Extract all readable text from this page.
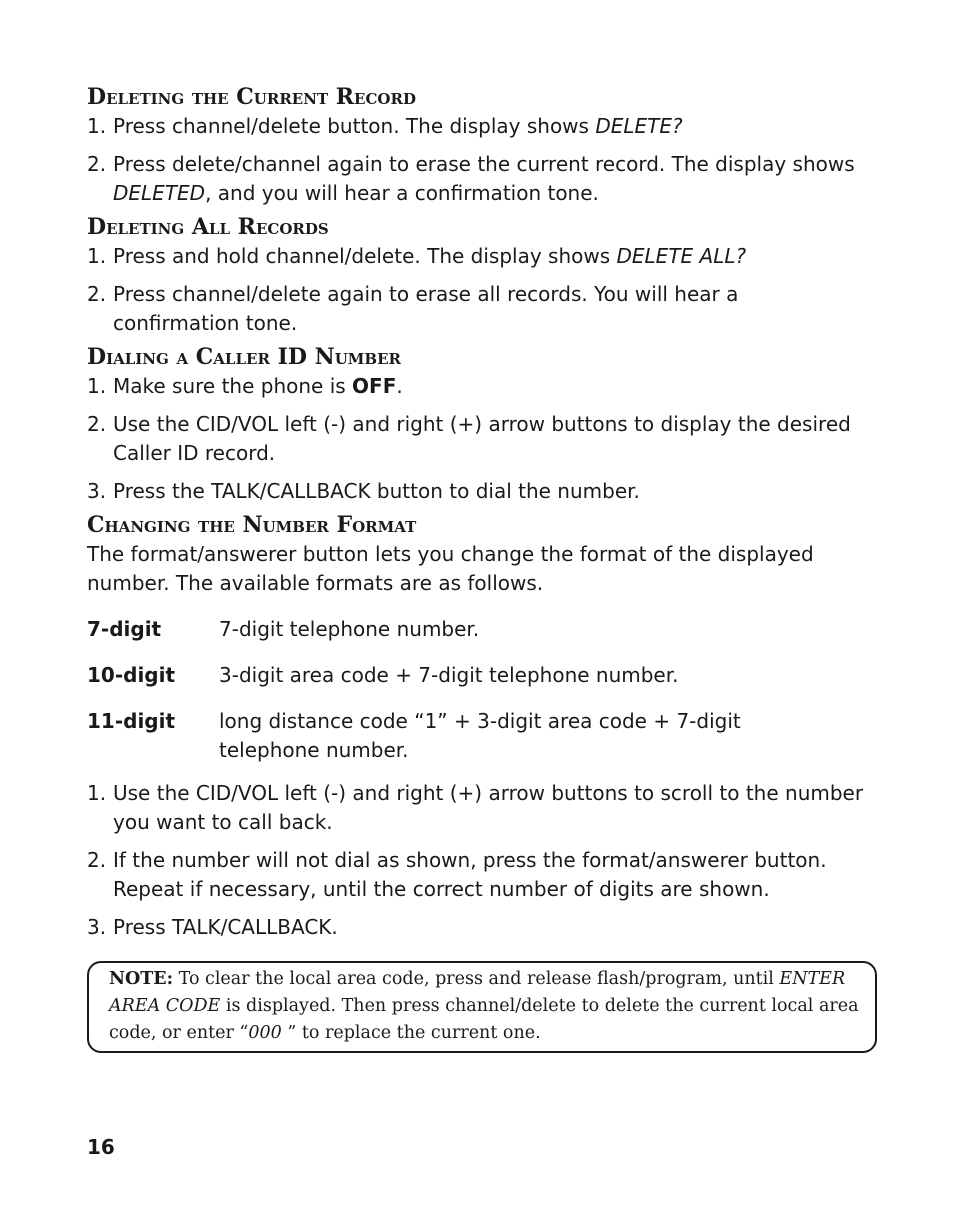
Deleting the Current Record
1. Press channel/delete button. The display shows DELETE?
2. Press delete/channel again to erase the current record. The display shows DELETED, and you will hear a confirmation tone.
Deleting All Records
1. Press and hold channel/delete. The display shows DELETE ALL?
2. Press channel/delete again to erase all records. You will hear a confirmation tone.
Dialing a Caller ID Number
1. Make sure the phone is OFF.
2. Use the CID/VOL left (-) and right (+) arrow buttons to display the desired Caller ID record.
3. Press the TALK/CALLBACK button to dial the number.
Changing the Number Format

The format/answerer button lets you change the format of the displayed number. The available formats are as follows.

7-digit	7-digit telephone number.
10-digit	3-digit area code + 7-digit telephone number.
11-digit	long distance code “1” + 3-digit area code + 7-digit telephone number.
1. Use the CID/VOL left (-) and right (+) arrow buttons to scroll to the number you want to call back.
2. If the number will not dial as shown, press the format/answerer button. Repeat if necessary, until the correct number of digits are shown.
3. Press TALK/CALLBACK.
NOTE: To clear the local area code, press and release flash/program, until ENTER AREA CODE is displayed. Then press channel/delete to delete the current local area code, or enter “000 ” to replace the current one.
16
